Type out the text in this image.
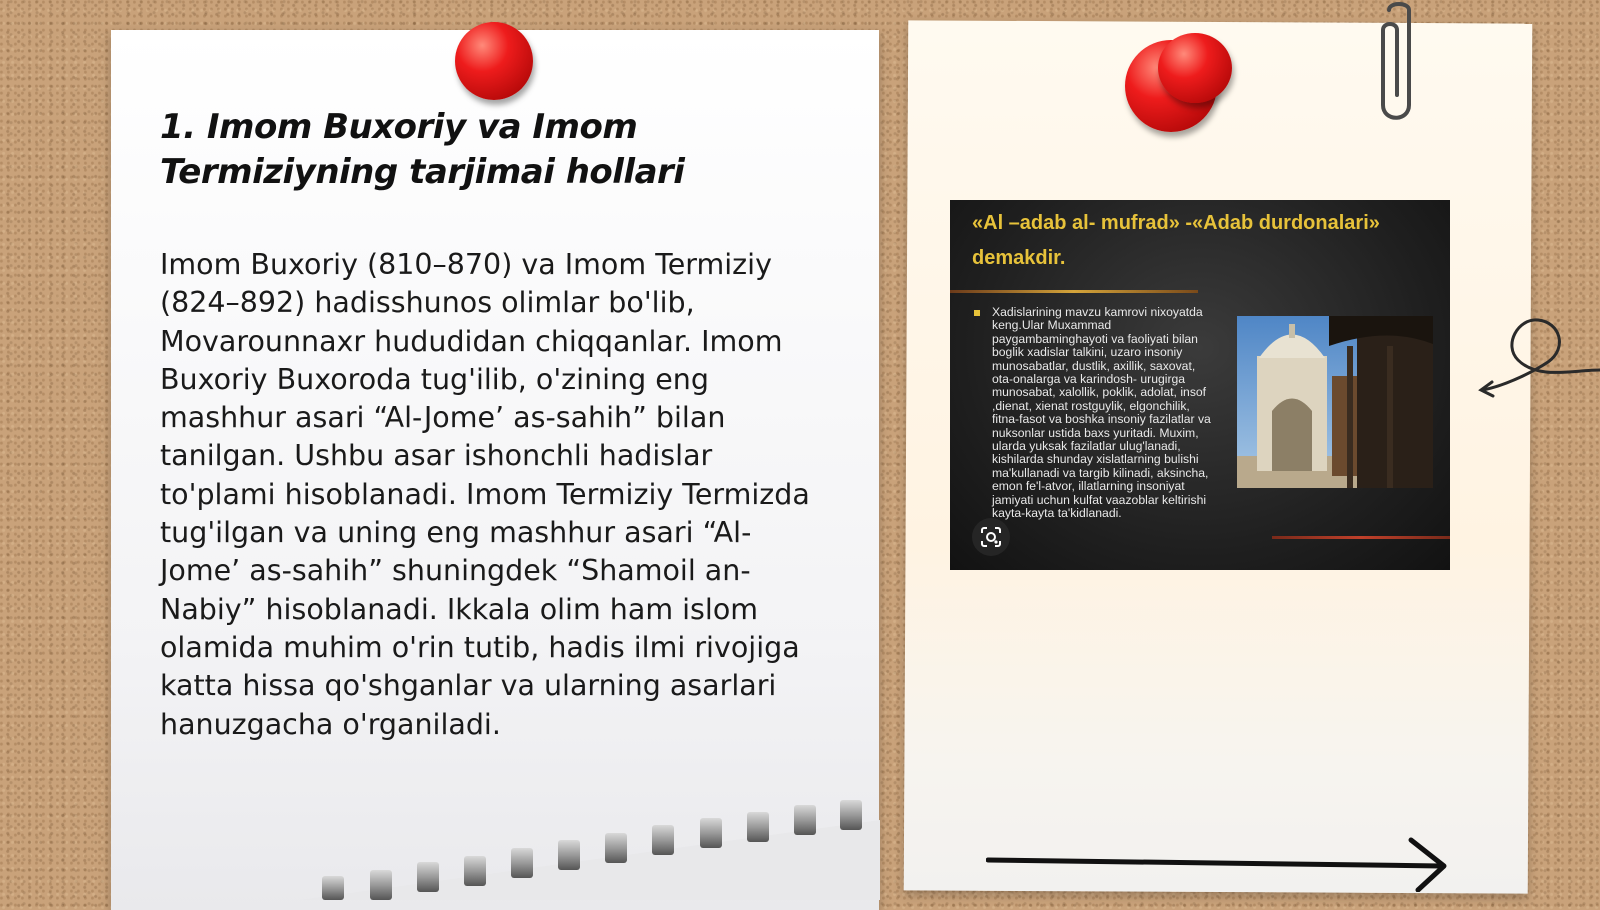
1. Imom Buxoriy va Imom Termiziyning tarjimai hollari

Imom Buxoriy (810–870) va Imom Termiziy (824–892) hadisshunos olimlar bo'lib, Movarounnaxr hududidan chiqqanlar. Imom Buxoriy Buxoroda tug'ilib, o'zining eng mashhur asari “Al-Jome’ as-sahih” bilan tanilgan. Ushbu asar ishonchli hadislar to'plami hisoblanadi. Imom Termiziy Termizda tug'ilgan va uning eng mashhur asari “Al-Jome’ as-sahih” shuningdek “Shamoil an-Nabiy” hisoblanadi. Ikkala olim ham islom olamida muhim o'rin tutib, hadis ilmi rivojiga katta hissa qo'shganlar va ularning asarlari hanuzgacha o'rganiladi.

«Al –adab al- mufrad» -«Adab durdonalari» demakdir.

Xadislarining mavzu kamrovi nixoyatda keng.Ular Muxammad paygambaminghayoti va faoliyati bilan boglik xadislar talkini, uzaro insoniy munosabatlar, dustlik, axillik, saxovat, ota-onalarga va karindosh- urugirga munosabat, xalollik, poklik, adolat, insof ,dienat, xienat rostguylik, elgonchilik, fitna-fasot va boshka insoniy fazilatlar va nuksonlar ustida baxs yuritadi. Muxim, ularda yuksak fazilatlar ulug'lanadi, kishilarda shunday xislatlarning bulishi ma'kullanadi va targib kilinadi, aksincha, emon fe'l-atvor, illatlarning insoniyat jamiyati uchun kulfat vaazoblar keltirishi kayta-kayta ta'kidlanadi.
